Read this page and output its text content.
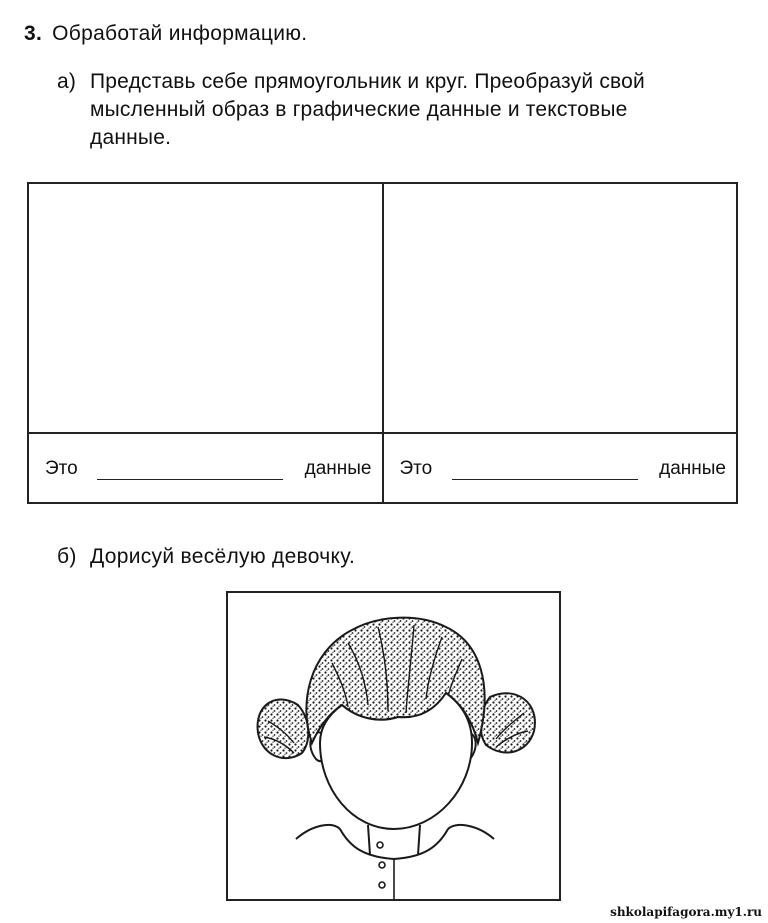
3. Обработай информацию.
а) Представь себе прямоугольник и круг. Преобразуй свой
мысленный образ в графические данные и текстовые
данные.
Это	данные Это	данные
б) Дорисуй весёлую девочку.
shkolapifagora.my1.ru
